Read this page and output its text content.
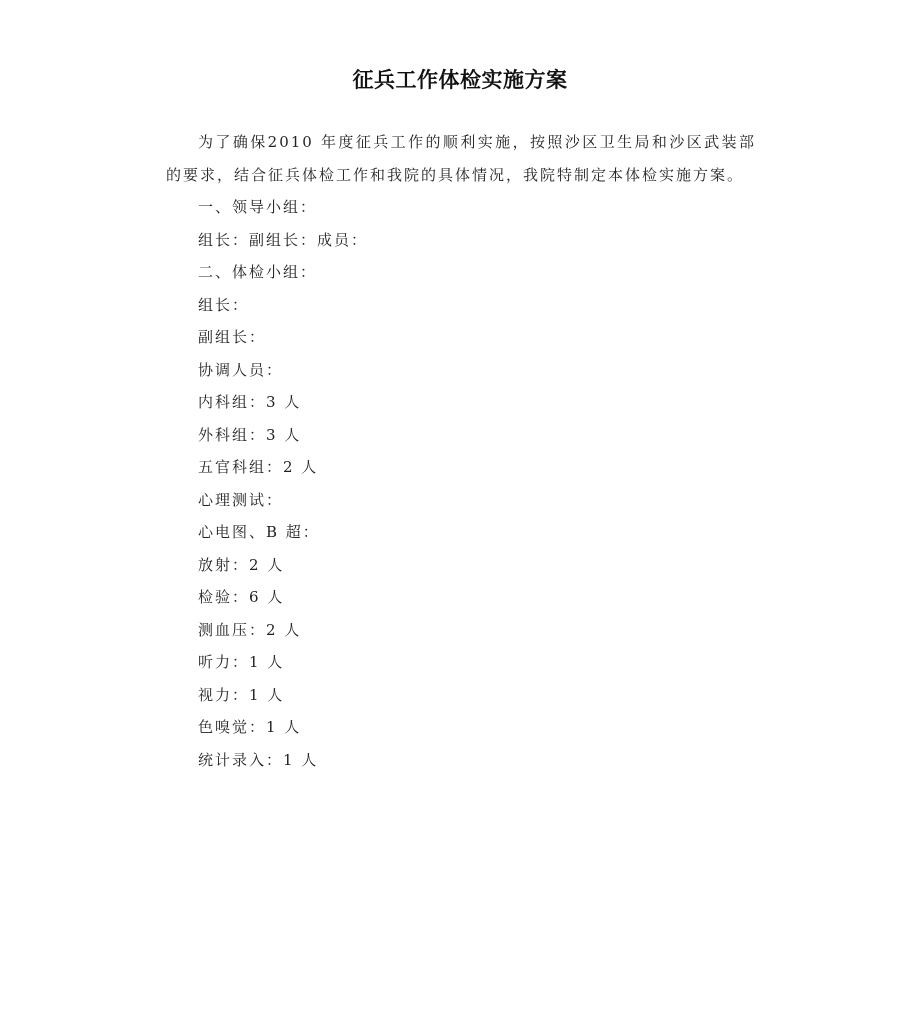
征兵工作体检实施方案

为了确保2010 年度征兵工作的顺利实施，按照沙区卫生局和沙区武装部的要求，结合征兵体检工作和我院的具体情况，我院特制定本体检实施方案。

一、领导小组：
组长：副组长：成员：
二、体检小组：
组长：
副组长：
协调人员：
内科组：3 人
外科组：3 人
五官科组：2 人
心理测试：
心电图、B 超：
放射：2 人
检验：6 人
测血压：2 人
听力：1 人
视力：1 人
色嗅觉：1 人
统计录入：1 人
